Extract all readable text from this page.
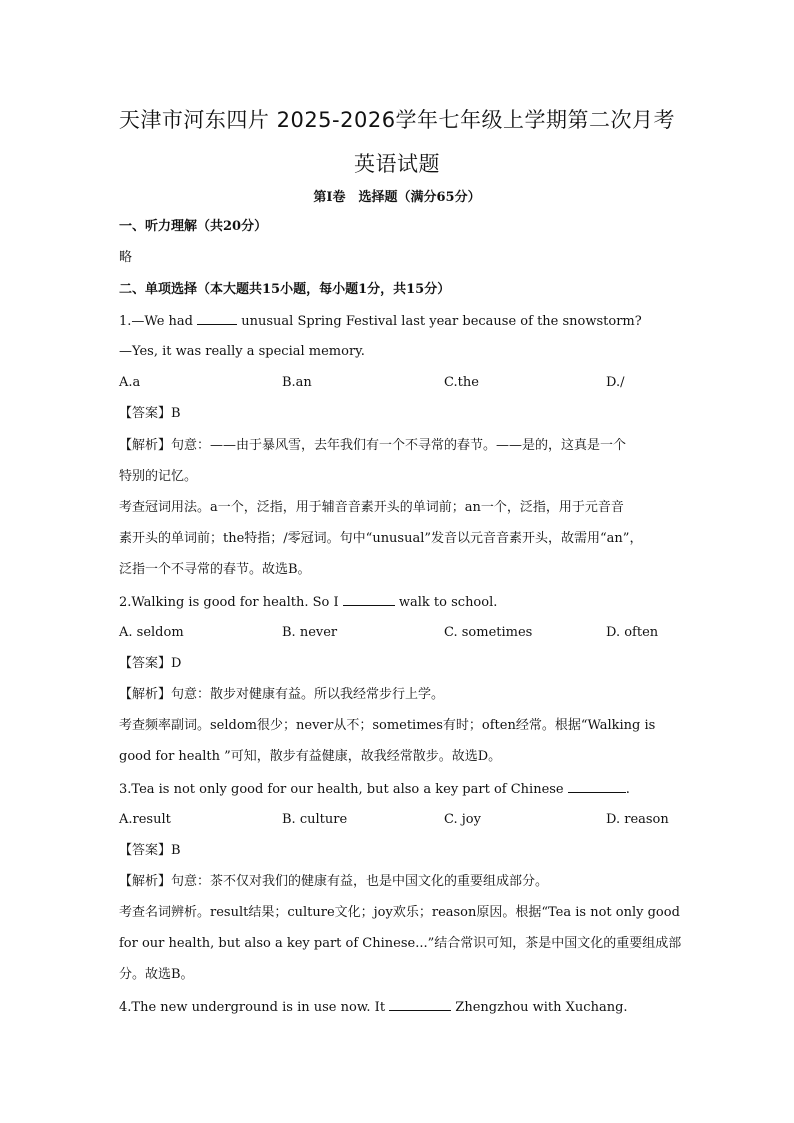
天津市河东四片 2025-2026学年七年级上学期第二次月考
英语试题
第Ⅰ卷　选择题（满分65分）
一、听力理解（共20分）
略
二、单项选择（本大题共15小题，每小题1分，共15分）
1.—We had	unusual Spring Festival last year because of the snowstorm?
—Yes, it was really a special memory.
A.a	B.an	C.the	D./
【答案】B
【解析】句意：——由于暴风雪，去年我们有一个不寻常的春节。——是的，这真是一个
特别的记忆。
考查冠词用法。a一个，泛指，用于辅音音素开头的单词前；an一个，泛指，用于元音音
素开头的单词前；the特指；/零冠词。句中“unusual”发音以元音音素开头，故需用“an”，
泛指一个不寻常的春节。故选B。
2.Walking is good for health. So I	walk to school.
A. seldom	B. never	C. sometimes	D. often
【答案】D
【解析】句意：散步对健康有益。所以我经常步行上学。
考查频率副词。seldom很少；never从不；sometimes有时；often经常。根据“Walking is
good for health ”可知，散步有益健康，故我经常散步。故选D。
3.Tea is not only good for our health, but also a key part of Chinese	.
A.result	B. culture	C. joy	D. reason
【答案】B
【解析】句意：茶不仅对我们的健康有益，也是中国文化的重要组成部分。
考查名词辨析。result结果；culture文化；joy欢乐；reason原因。根据“Tea is not only good
for our health, but also a key part of Chinese...”结合常识可知，茶是中国文化的重要组成部
分。故选B。
4.The new underground is in use now. It	Zhengzhou with Xuchang.
